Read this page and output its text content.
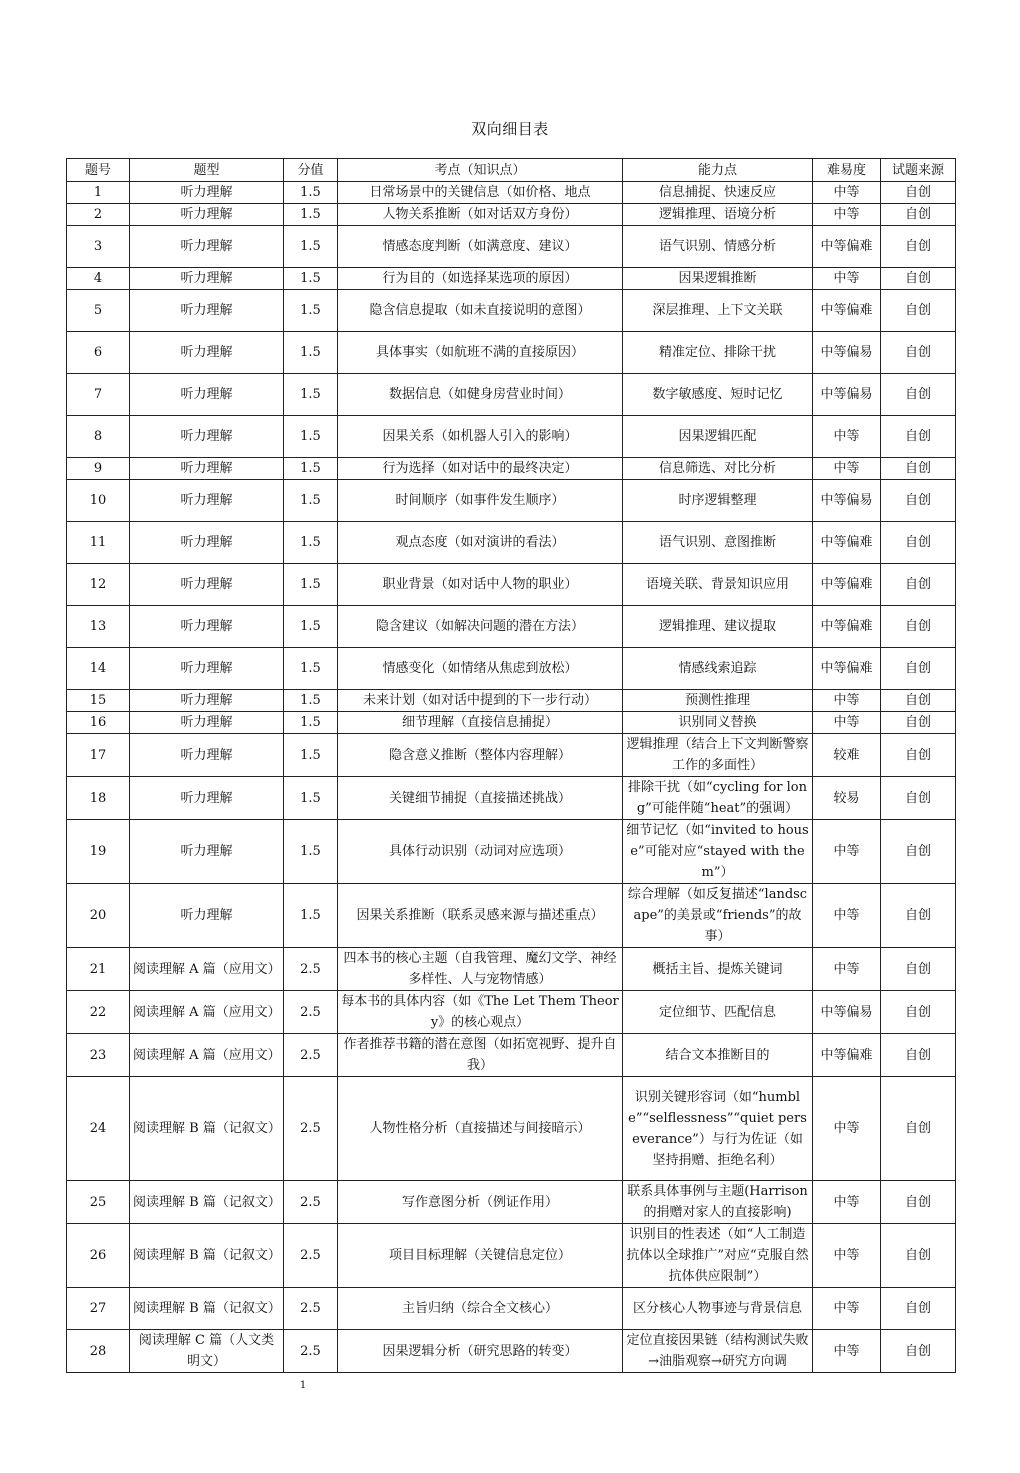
双向细目表
题号	题型	分值	考点（知识点）	能力点	难易度	试题来源
1	听力理解	1.5	日常场景中的关键信息（如价格、地点	信息捕捉、快速反应	中等	自创
2	听力理解	1.5	人物关系推断（如对话双方身份）	逻辑推理、语境分析	中等	自创
3	听力理解	1.5	情感态度判断（如满意度、建议）	语气识别、情感分析	中等偏难	自创
4	听力理解	1.5	行为目的（如选择某选项的原因）	因果逻辑推断	中等	自创
5	听力理解	1.5	隐含信息提取（如未直接说明的意图）	深层推理、上下文关联	中等偏难	自创
6	听力理解	1.5	具体事实（如航班不满的直接原因）	精准定位、排除干扰	中等偏易	自创
7	听力理解	1.5	数据信息（如健身房营业时间）	数字敏感度、短时记忆	中等偏易	自创
8	听力理解	1.5	因果关系（如机器人引入的影响）	因果逻辑匹配	中等	自创
9	听力理解	1.5	行为选择（如对话中的最终决定）	信息筛选、对比分析	中等	自创
10	听力理解	1.5	时间顺序（如事件发生顺序）	时序逻辑整理	中等偏易	自创
11	听力理解	1.5	观点态度（如对演讲的看法）	语气识别、意图推断	中等偏难	自创
12	听力理解	1.5	职业背景（如对话中人物的职业）	语境关联、背景知识应用	中等偏难	自创
13	听力理解	1.5	隐含建议（如解决问题的潜在方法）	逻辑推理、建议提取	中等偏难	自创
14	听力理解	1.5	情感变化（如情绪从焦虑到放松）	情感线索追踪	中等偏难	自创
15	听力理解	1.5	未来计划（如对话中提到的下一步行动）	预测性推理	中等	自创
16	听力理解	1.5	细节理解（直接信息捕捉）	识别同义替换	中等	自创
17	听力理解	1.5	隐含意义推断（整体内容理解）	逻辑推理（结合上下文判断警察工作的多面性）	较难	自创
18	听力理解	1.5	关键细节捕捉（直接描述挑战）	排除干扰（如“cycling for long”可能伴随“heat”的强调）	较易	自创
19	听力理解	1.5	具体行动识别（动词对应选项）	细节记忆（如“invited to house”可能对应“stayed with them”）	中等	自创
20	听力理解	1.5	因果关系推断（联系灵感来源与描述重点）	综合理解（如反复描述“landscape”的美景或“friends”的故事）	中等	自创
21	阅读理解 A 篇（应用文）	2.5	四本书的核心主题（自我管理、魔幻文学、神经多样性、人与宠物情感）	概括主旨、提炼关键词	中等	自创
22	阅读理解 A 篇（应用文）	2.5	每本书的具体内容（如《The Let Them Theory》的核心观点）	定位细节、匹配信息	中等偏易	自创
23	阅读理解 A 篇（应用文）	2.5	作者推荐书籍的潜在意图（如拓宽视野、提升自我）	结合文本推断目的	中等偏难	自创
24	阅读理解 B 篇（记叙文）	2.5	人物性格分析（直接描述与间接暗示）	识别关键形容词（如“humble”“selflessness”“quiet perseverance”）与行为佐证（如坚持捐赠、拒绝名利）	中等	自创
25	阅读理解 B 篇（记叙文）	2.5	写作意图分析（例证作用）	联系具体事例与主题(Harrison 的捐赠对家人的直接影响)	中等	自创
26	阅读理解 B 篇（记叙文）	2.5	项目目标理解（关键信息定位）	识别目的性表述（如“人工制造抗体以全球推广”对应“克服自然抗体供应限制”）	中等	自创
27	阅读理解 B 篇（记叙文）	2.5	主旨归纳（综合全文核心）	区分核心人物事迹与背景信息	中等	自创
28	阅读理解 C 篇（人文类明文）	2.5	因果逻辑分析（研究思路的转变）	定位直接因果链（结构测试失败→油脂观察→研究方向调	中等	自创
1
